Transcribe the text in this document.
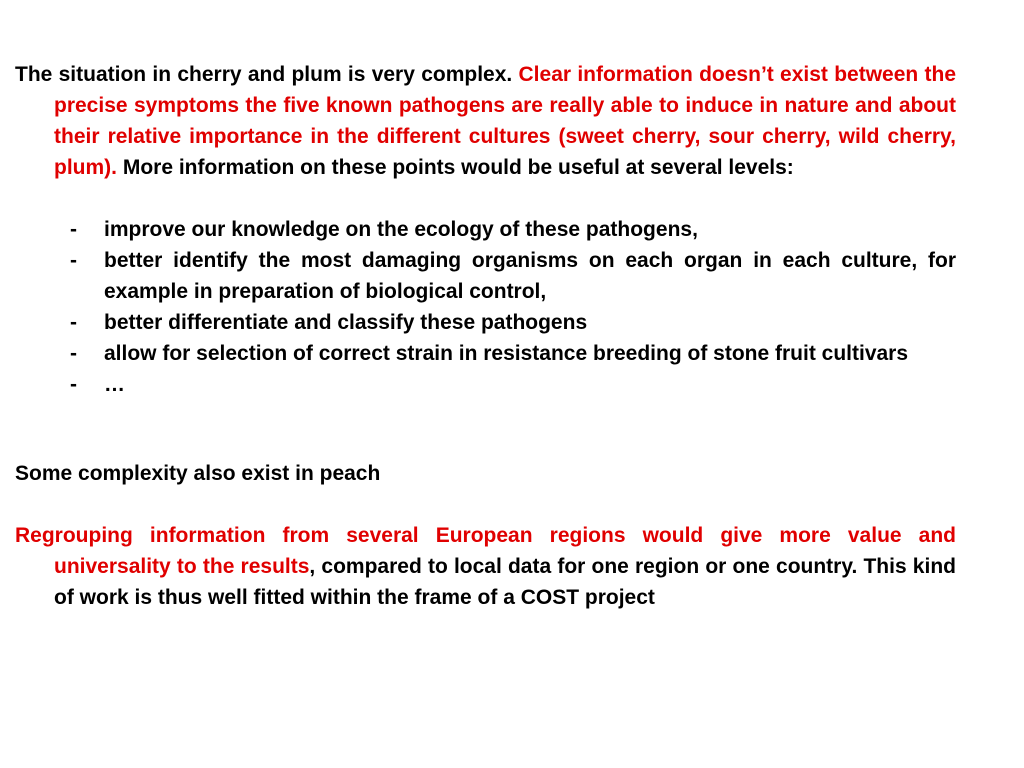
The situation in cherry and plum is very complex. Clear information doesn’t exist between the precise symptoms the five known pathogens are really able to induce in nature and about their relative importance in the different cultures (sweet cherry, sour cherry, wild cherry, plum). More information on these points would be useful at several levels:

- improve our knowledge on the ecology of these pathogens,
- better identify the most damaging organisms on each organ in each culture, for example in preparation of biological control,
- better differentiate and classify these pathogens
- allow for selection of correct strain in resistance breeding of stone fruit cultivars
- …

Some complexity also exist in peach

Regrouping information from several European regions would give more value and universality to the results, compared to local data for one region or one country. This kind of work is thus well fitted within the frame of a COST project
